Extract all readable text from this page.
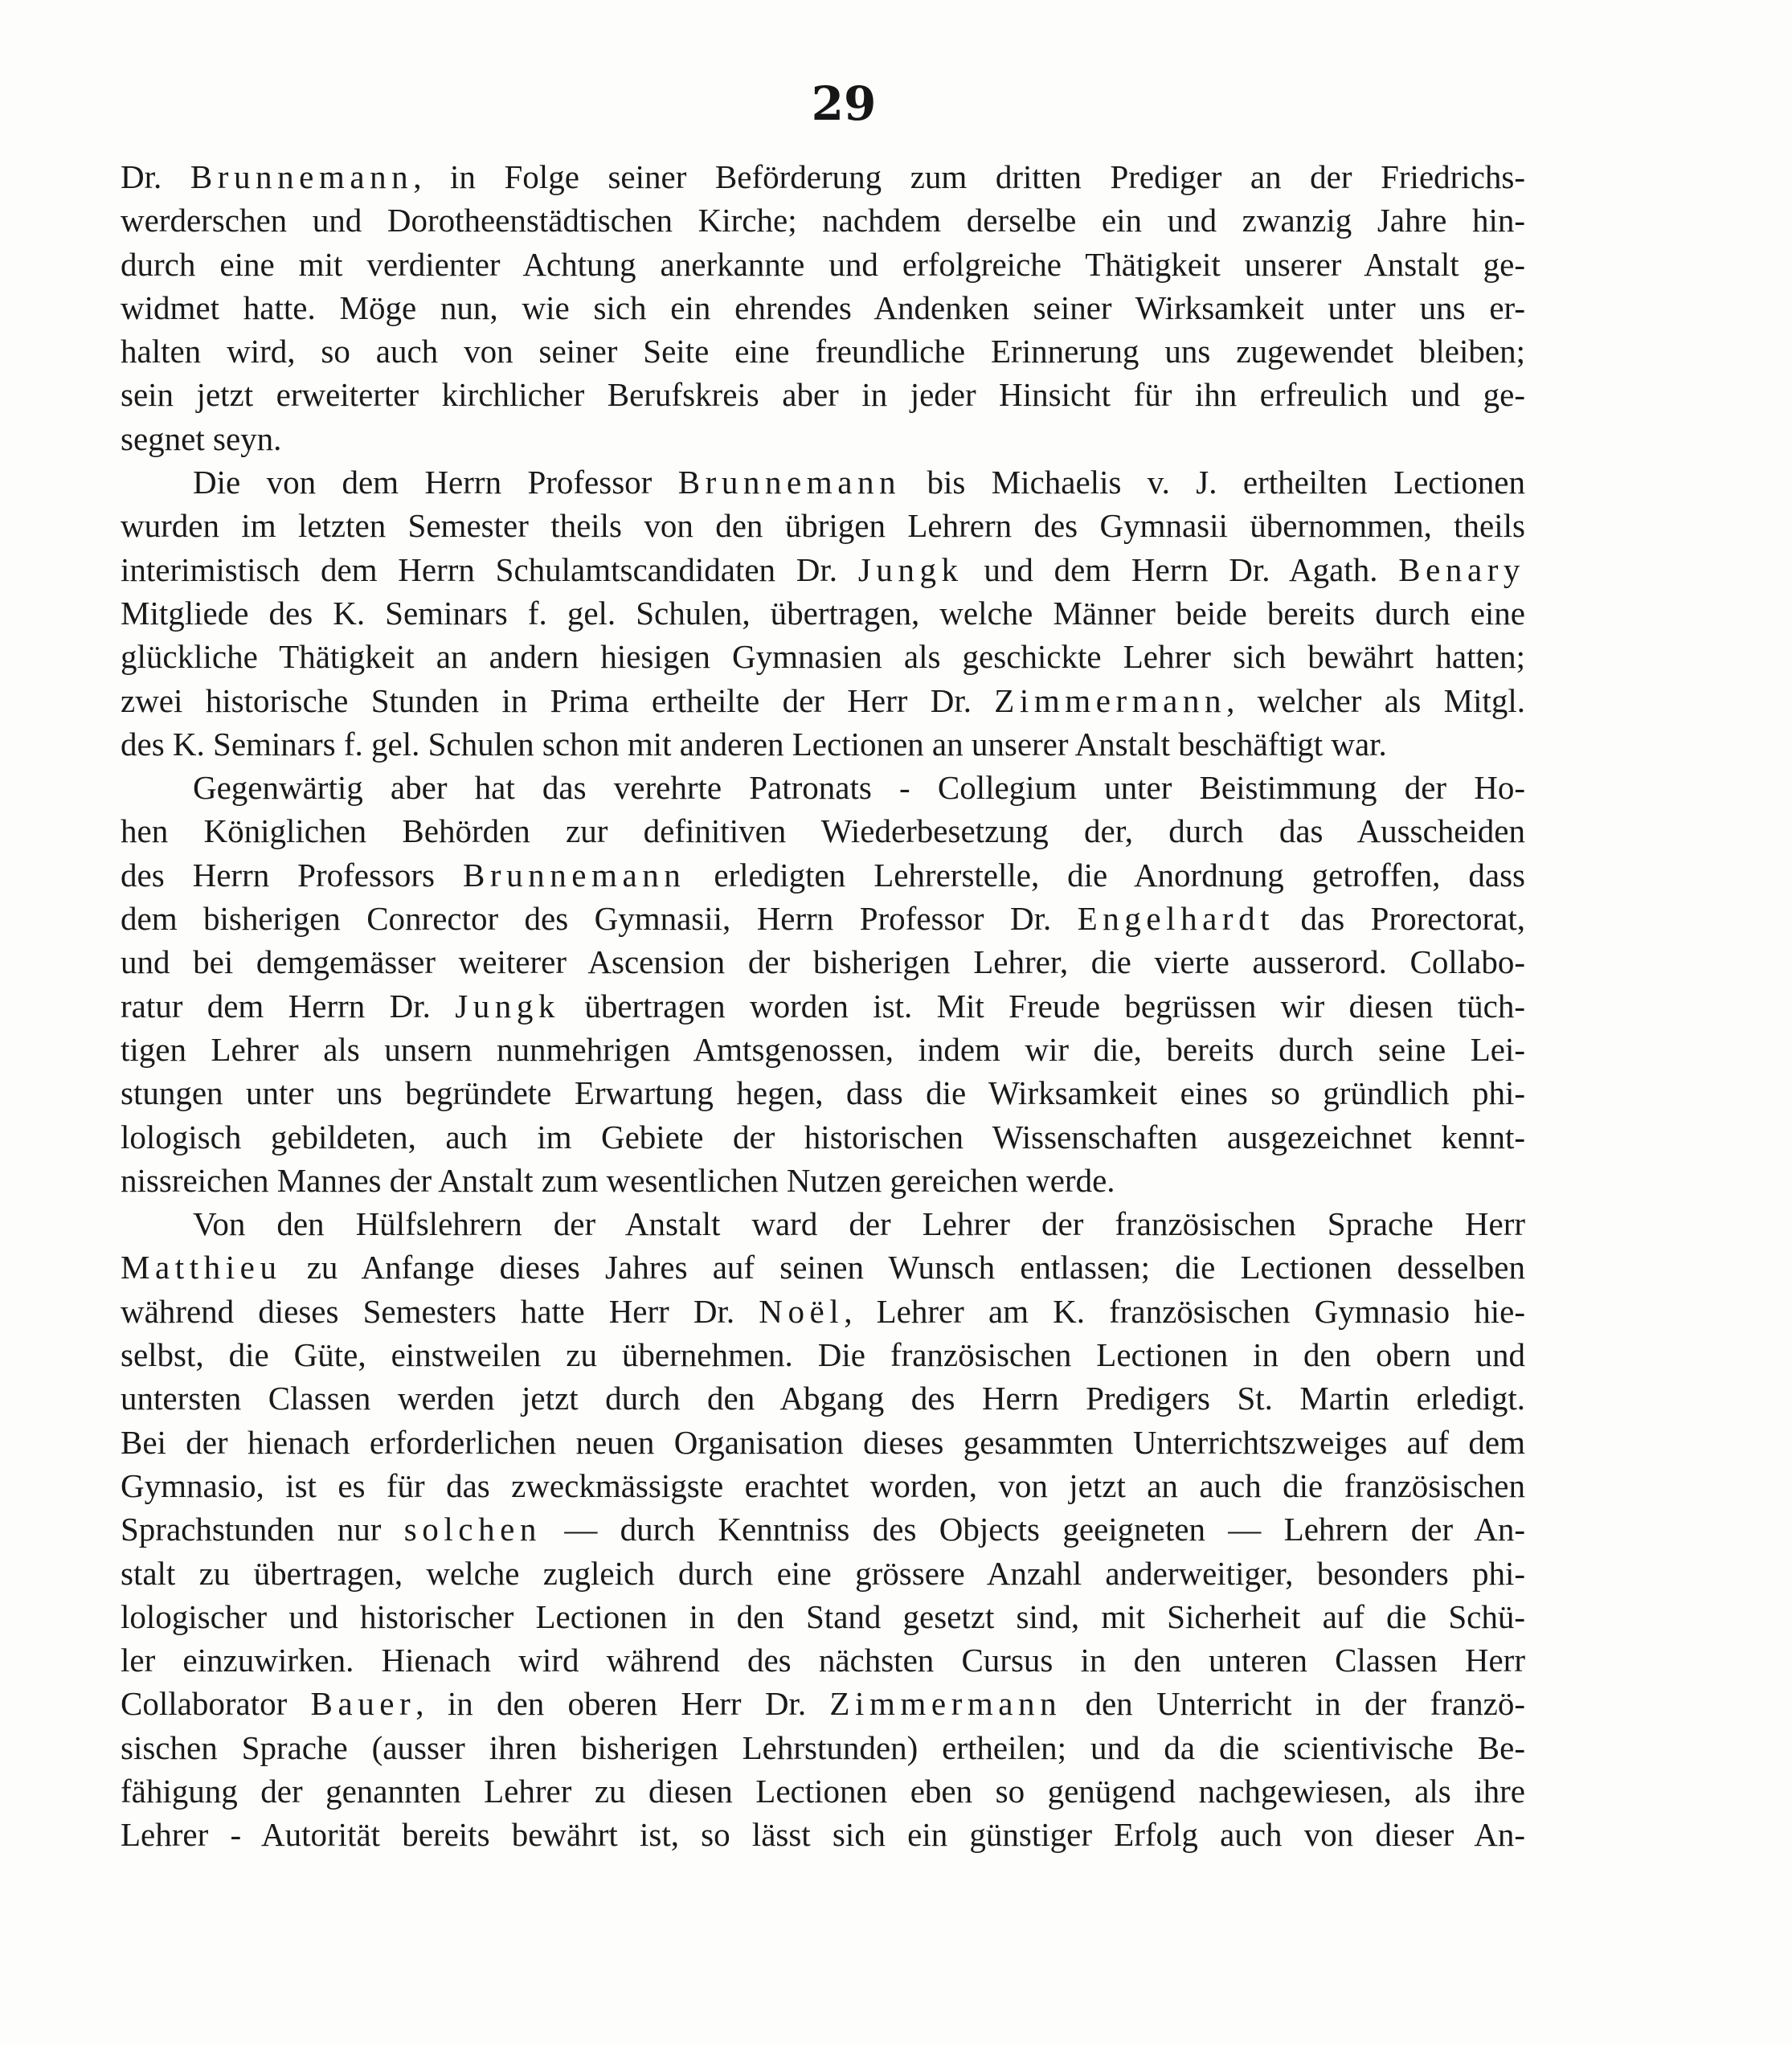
29
Dr. Brunnemann, in Folge seiner Beförderung zum dritten Prediger an der Friedrichs-
werderschen und Dorotheenstädtischen Kirche; nachdem derselbe ein und zwanzig Jahre hin-
durch eine mit verdienter Achtung anerkannte und erfolgreiche Thätigkeit unserer Anstalt ge-
widmet hatte. Möge nun, wie sich ein ehrendes Andenken seiner Wirksamkeit unter uns er-
halten wird, so auch von seiner Seite eine freundliche Erinnerung uns zugewendet bleiben;
sein jetzt erweiterter kirchlicher Berufskreis aber in jeder Hinsicht für ihn erfreulich und ge-
segnet seyn.
Die von dem Herrn Professor Brunnemann bis Michaelis v. J. ertheilten Lectionen
wurden im letzten Semester theils von den übrigen Lehrern des Gymnasii übernommen, theils
interimistisch dem Herrn Schulamtscandidaten Dr. Jungk und dem Herrn Dr. Agath. Benary
Mitgliede des K. Seminars f. gel. Schulen, übertragen, welche Männer beide bereits durch eine
glückliche Thätigkeit an andern hiesigen Gymnasien als geschickte Lehrer sich bewährt hatten;
zwei historische Stunden in Prima ertheilte der Herr Dr. Zimmermann, welcher als Mitgl.
des K. Seminars f. gel. Schulen schon mit anderen Lectionen an unserer Anstalt beschäftigt war.
Gegenwärtig aber hat das verehrte Patronats - Collegium unter Beistimmung der Ho-
hen Königlichen Behörden zur definitiven Wiederbesetzung der, durch das Ausscheiden
des Herrn Professors Brunnemann erledigten Lehrerstelle, die Anordnung getroffen, dass
dem bisherigen Conrector des Gymnasii, Herrn Professor Dr. Engelhardt das Prorectorat,
und bei demgemässer weiterer Ascension der bisherigen Lehrer, die vierte ausserord. Collabo-
ratur dem Herrn Dr. Jungk übertragen worden ist. Mit Freude begrüssen wir diesen tüch-
tigen Lehrer als unsern nunmehrigen Amtsgenossen, indem wir die, bereits durch seine Lei-
stungen unter uns begründete Erwartung hegen, dass die Wirksamkeit eines so gründlich phi-
lologisch gebildeten, auch im Gebiete der historischen Wissenschaften ausgezeichnet kennt-
nissreichen Mannes der Anstalt zum wesentlichen Nutzen gereichen werde.
Von den Hülfslehrern der Anstalt ward der Lehrer der französischen Sprache Herr
Matthieu zu Anfange dieses Jahres auf seinen Wunsch entlassen; die Lectionen desselben
während dieses Semesters hatte Herr Dr. Noël, Lehrer am K. französischen Gymnasio hie-
selbst, die Güte, einstweilen zu übernehmen. Die französischen Lectionen in den obern und
untersten Classen werden jetzt durch den Abgang des Herrn Predigers St. Martin erledigt.
Bei der hienach erforderlichen neuen Organisation dieses gesammten Unterrichtszweiges auf dem
Gymnasio, ist es für das zweckmässigste erachtet worden, von jetzt an auch die französischen
Sprachstunden nur solchen — durch Kenntniss des Objects geeigneten — Lehrern der An-
stalt zu übertragen, welche zugleich durch eine grössere Anzahl anderweitiger, besonders phi-
lologischer und historischer Lectionen in den Stand gesetzt sind, mit Sicherheit auf die Schü-
ler einzuwirken. Hienach wird während des nächsten Cursus in den unteren Classen Herr
Collaborator Bauer, in den oberen Herr Dr. Zimmermann den Unterricht in der franzö-
sischen Sprache (ausser ihren bisherigen Lehrstunden) ertheilen; und da die scientivische Be-
fähigung der genannten Lehrer zu diesen Lectionen eben so genügend nachgewiesen, als ihre
Lehrer - Autorität bereits bewährt ist, so lässt sich ein günstiger Erfolg auch von dieser An-
